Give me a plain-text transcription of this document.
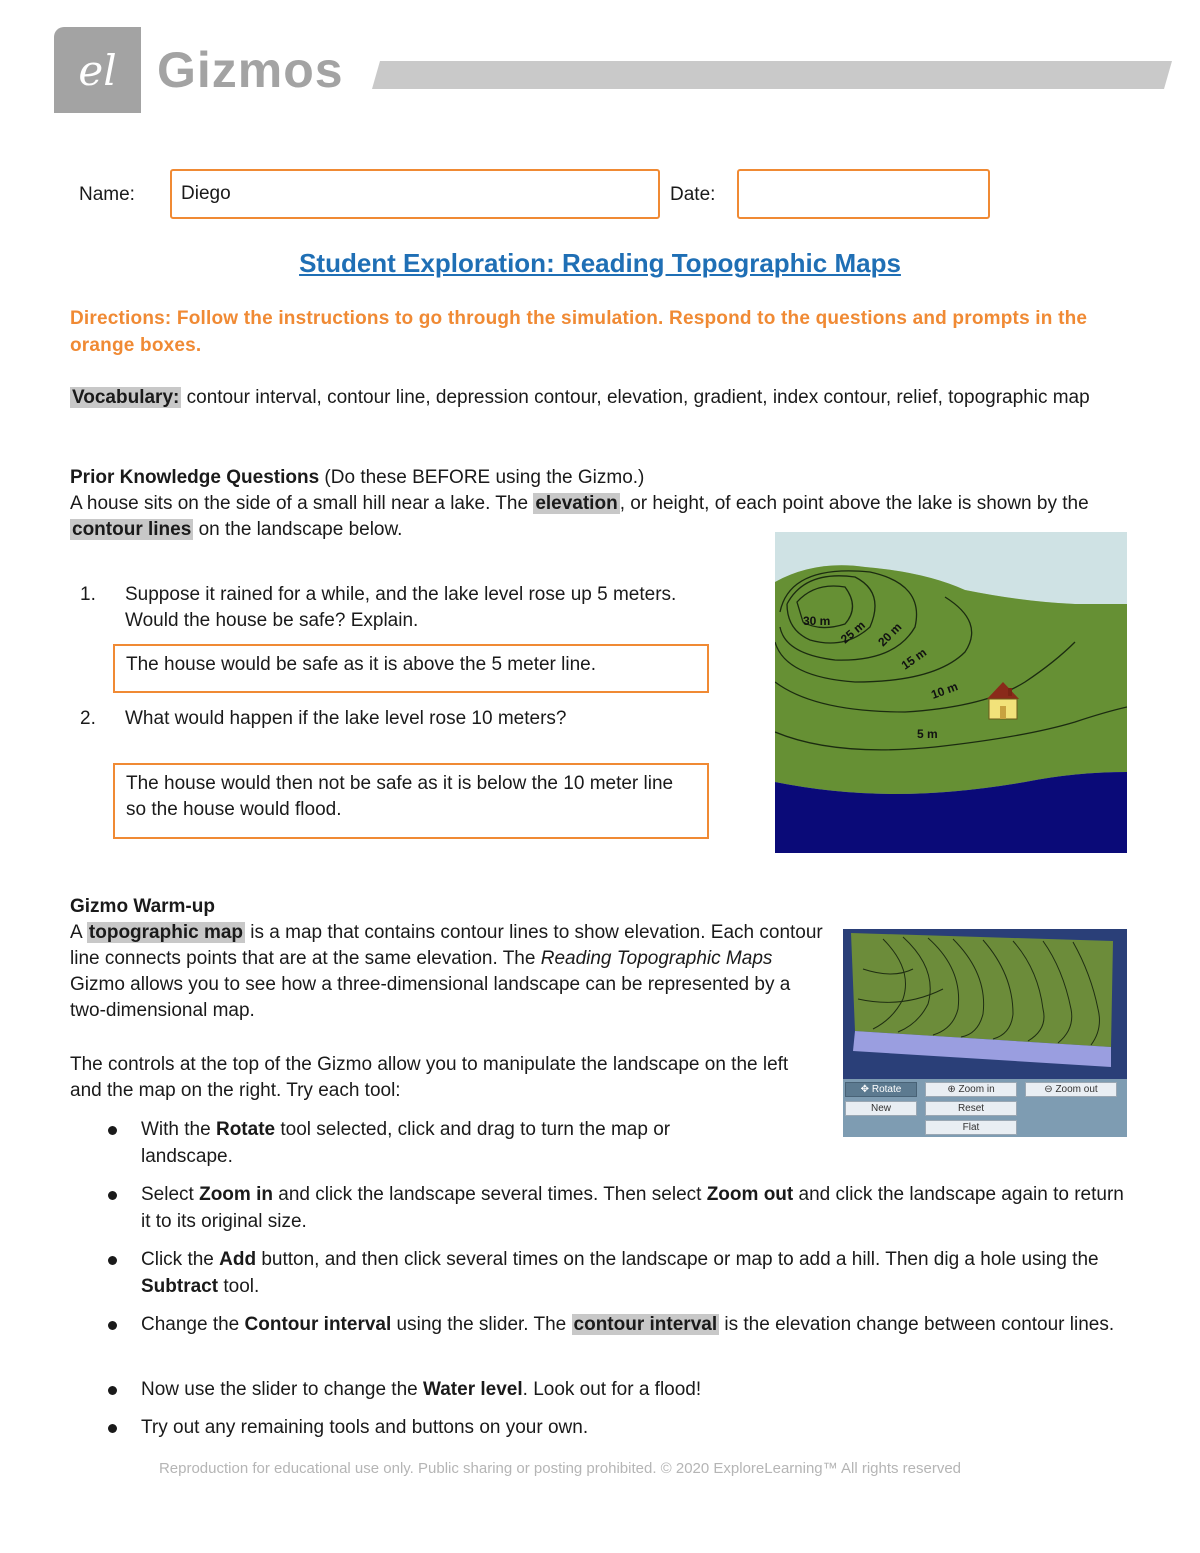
el Gizmos
Name: Diego	Date:
Student Exploration: Reading Topographic Maps
Directions: Follow the instructions to go through the simulation. Respond to the questions and prompts in the orange boxes.
Vocabulary: contour interval, contour line, depression contour, elevation, gradient, index contour, relief, topographic map
Prior Knowledge Questions (Do these BEFORE using the Gizmo.)
A house sits on the side of a small hill near a lake. The elevation , or height, of each point above the lake is shown by the contour lines on the landscape below.
1. Suppose it rained for a while, and the lake level rose up 5 meters. Would the house be safe? Explain.
The house would be safe as it is above the 5 meter line.
2. What would happen if the lake level rose 10 meters?
The house would then not be safe as it is below the 10 meter line so the house would flood.
30 m 25 m 20 m
15 m
10 m
5 m
Gizmo Warm-up
A topographic map is a map that contains contour lines to show elevation. Each contour line connects points that are at the same elevation. The Reading Topographic Maps Gizmo allows you to see how a three-dimensional landscape can be represented by a two-dimensional map.
The controls at the top of the Gizmo allow you to manipulate the landscape on the left and the map on the right. Try each tool:	✥ Rotate	⊕ Zoom in	⊖ Zoom out
New	Reset
Flat
With the Rotate tool selected, click and drag to turn the map or landscape.
Select Zoom in and click the landscape several times. Then select Zoom out and click the landscape again to return it to its original size.
Click the Add button, and then click several times on the landscape or map to add a hill. Then dig a hole using the Subtract tool.
Change the Contour interval using the slider. The contour interval is the elevation change between contour lines.
Now use the slider to change the Water level. Look out for a flood!
Try out any remaining tools and buttons on your own.
Reproduction for educational use only. Public sharing or posting prohibited. © 2020 ExploreLearning™ All rights reserved
